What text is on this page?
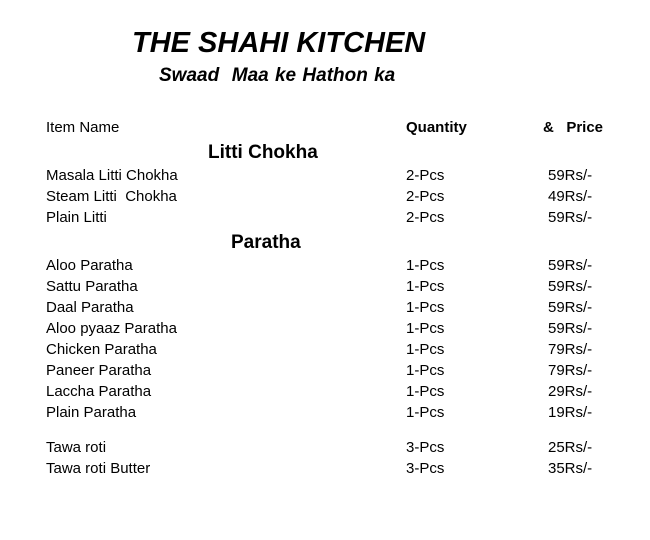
THE SHAHI KITCHEN
Swaad  Maa ke Hathon ka
Item Name	Quantity	&   Price
Litti Chokha
Masala Litti Chokha	2-Pcs	59Rs/-
Steam Litti  Chokha	2-Pcs	49Rs/-
Plain Litti	2-Pcs	59Rs/-
Paratha
Aloo Paratha	1-Pcs	59Rs/-
Sattu Paratha	1-Pcs	59Rs/-
Daal Paratha	1-Pcs	59Rs/-
Aloo pyaaz Paratha	1-Pcs	59Rs/-
Chicken Paratha	1-Pcs	79Rs/-
Paneer Paratha	1-Pcs	79Rs/-
Laccha Paratha	1-Pcs	29Rs/-
Plain Paratha	1-Pcs	19Rs/-
Tawa roti	3-Pcs	25Rs/-
Tawa roti Butter	3-Pcs	35Rs/-
